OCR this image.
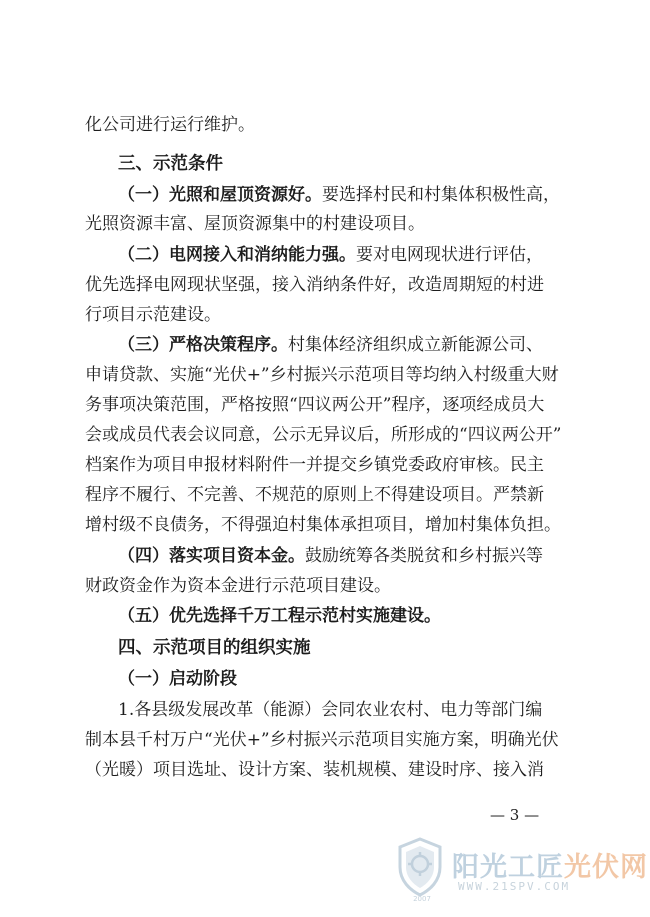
化公司进行运行维护。
三、示范条件
（一）光照和屋顶资源好。要选择村民和村集体积极性高，
光照资源丰富、屋顶资源集中的村建设项目。
（二）电网接入和消纳能力强。要对电网现状进行评估，
优先选择电网现状坚强，接入消纳条件好，改造周期短的村进
行项目示范建设。
（三）严格决策程序。村集体经济组织成立新能源公司、
申请贷款、实施“光伏+”乡村振兴示范项目等均纳入村级重大财
务事项决策范围，严格按照“四议两公开”程序，逐项经成员大
会或成员代表会议同意，公示无异议后，所形成的“四议两公开”
档案作为项目申报材料附件一并提交乡镇党委政府审核。民主
程序不履行、不完善、不规范的原则上不得建设项目。严禁新
增村级不良债务，不得强迫村集体承担项目，增加村集体负担。
（四）落实项目资本金。鼓励统筹各类脱贫和乡村振兴等
财政资金作为资本金进行示范项目建设。
（五）优先选择千万工程示范村实施建设。
四、示范项目的组织实施
（一）启动阶段
1.各县级发展改革（能源）会同农业农村、电力等部门编
制本县千村万户“光伏+”乡村振兴示范项目实施方案，明确光伏
（光暖）项目选址、设计方案、装机规模、建设时序、接入消
— 3 —
2007
阳光工匠光伏网
WWW.21SPV.COM
